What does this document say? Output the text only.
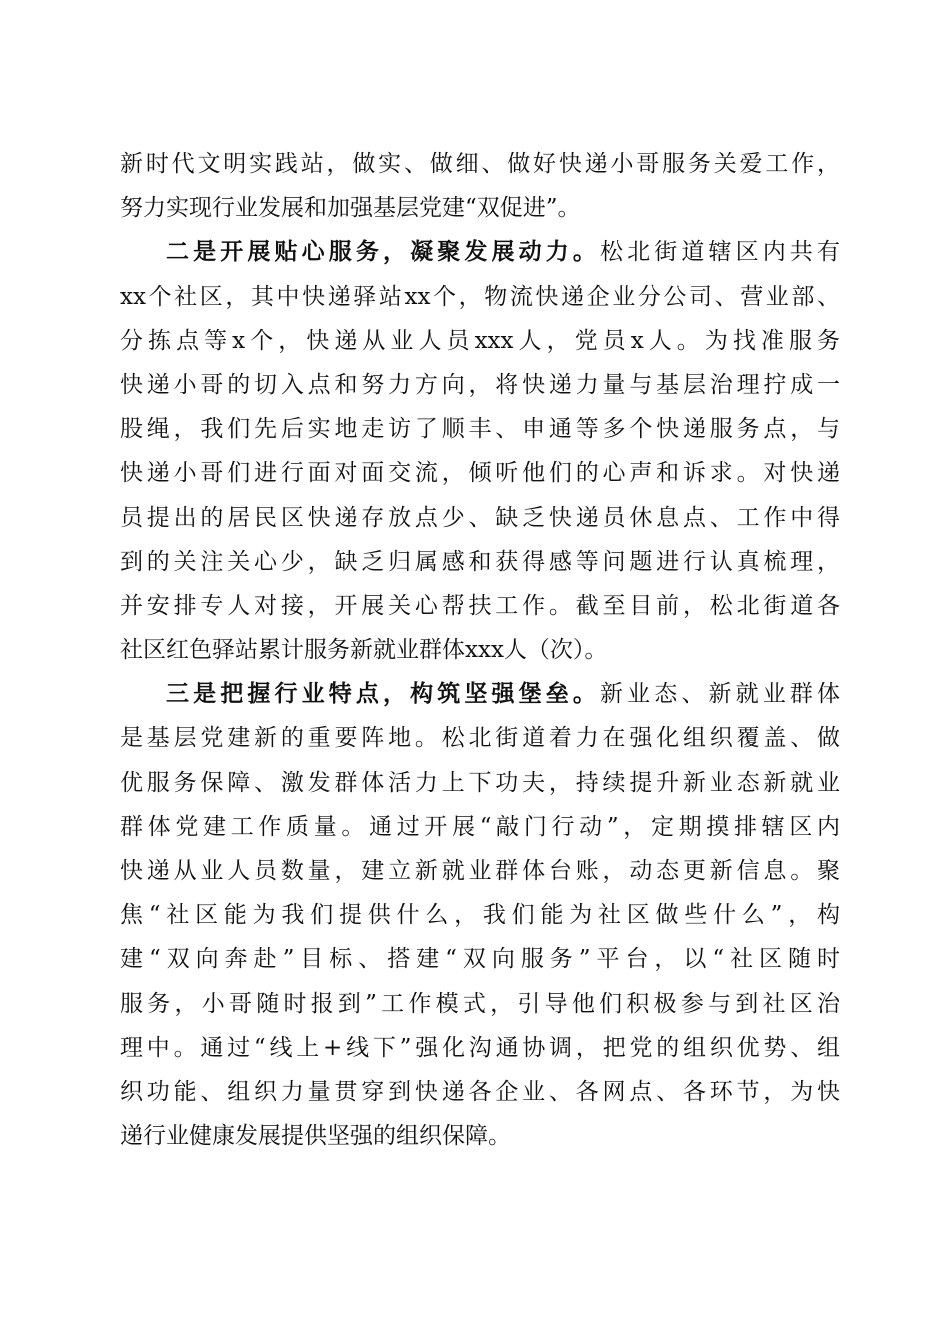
新时代文明实践站，做实、做细、做好快递小哥服务关爱工作，
努力实现行业发展和加强基层党建“双促进”。
二是开展贴心服务，凝聚发展动力。松北街道辖区内共有
xx个社区，其中快递驿站xx个，物流快递企业分公司、营业部、
分拣点等x个，快递从业人员xxx人，党员x人。为找准服务
快递小哥的切入点和努力方向，将快递力量与基层治理拧成一
股绳，我们先后实地走访了顺丰、申通等多个快递服务点，与
快递小哥们进行面对面交流，倾听他们的心声和诉求。对快递
员提出的居民区快递存放点少、缺乏快递员休息点、工作中得
到的关注关心少，缺乏归属感和获得感等问题进行认真梳理，
并安排专人对接，开展关心帮扶工作。截至目前，松北街道各
社区红色驿站累计服务新就业群体xxx人（次）。
三是把握行业特点，构筑坚强堡垒。新业态、新就业群体
是基层党建新的重要阵地。松北街道着力在强化组织覆盖、做
优服务保障、激发群体活力上下功夫，持续提升新业态新就业
群体党建工作质量。通过开展“敲门行动”，定期摸排辖区内
快递从业人员数量，建立新就业群体台账，动态更新信息。聚
焦“社区能为我们提供什么，我们能为社区做些什么”，构
建“双向奔赴”目标、搭建“双向服务”平台，以“社区随时
服务，小哥随时报到”工作模式，引导他们积极参与到社区治
理中。通过“线上+线下”强化沟通协调，把党的组织优势、组
织功能、组织力量贯穿到快递各企业、各网点、各环节，为快
递行业健康发展提供坚强的组织保障。
